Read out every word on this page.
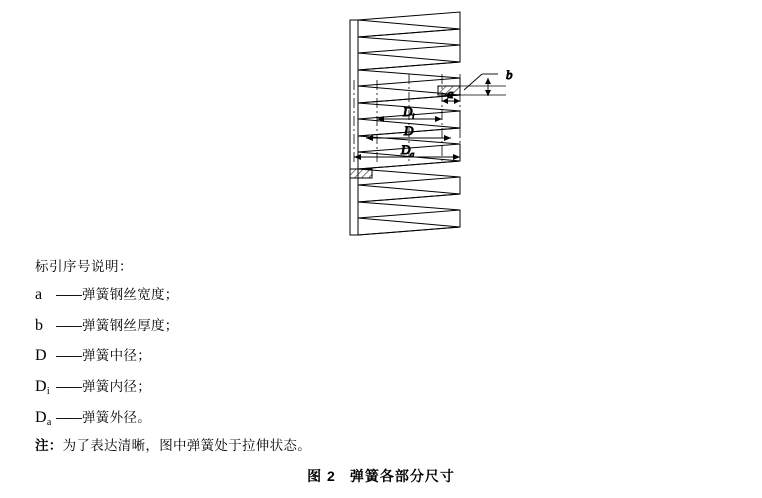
D i
D
D a
a
b
标引序号说明：
a ——弹簧钢丝宽度；
b ——弹簧钢丝厚度；
D ——弹簧中径；
$D_i$ ——弹簧内径；
$D_a$ ——弹簧外径。
注：为了表达清晰，图中弹簧处于拉伸状态。
图 2 弹簧各部分尺寸
